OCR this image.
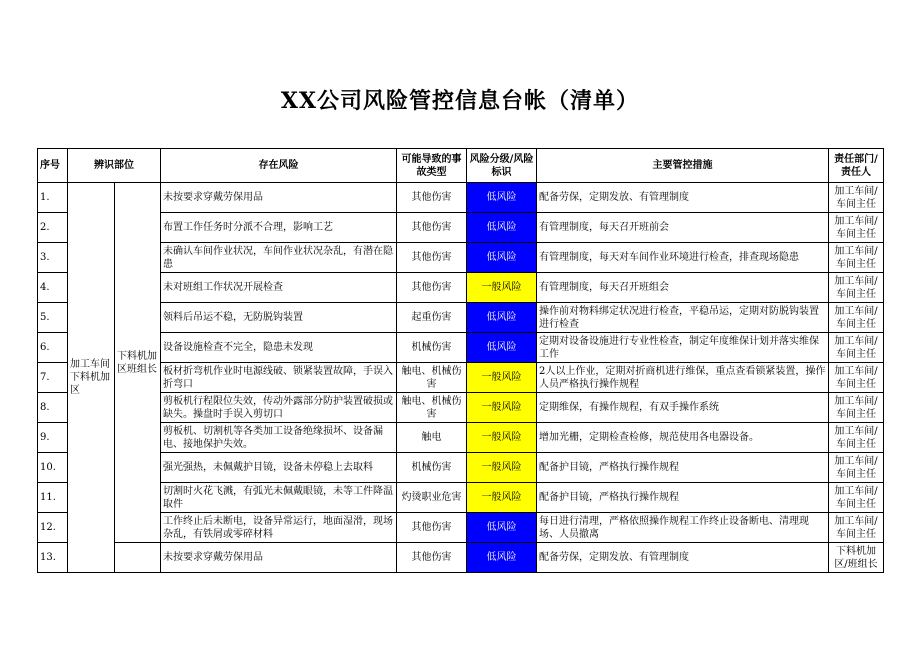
XX公司风险管控信息台帐（清单）
序号	辨识部位		存在风险	可能导致的事故类型	风险分级/风险标识	主要管控措施	责任部门/责任人
1.	加工车间下料机加区	下料机加区班组长	未按要求穿戴劳保用品	其他伤害	低风险	配备劳保，定期发放、有管理制度	加工车间/车间主任
2.			布置工作任务时分派不合理，影响工艺	其他伤害	低风险	有管理制度，每天召开班前会	加工车间/车间主任
3.			未确认车间作业状况，车间作业状况杂乱，有潜在隐患	其他伤害	低风险	有管理制度，每天对车间作业环境进行检查，排查现场隐患	加工车间/车间主任
4.			未对班组工作状况开展检查	其他伤害	一般风险	有管理制度，每天召开班组会	加工车间/车间主任
5.			领料后吊运不稳，无防脱钩装置	起重伤害	低风险	操作前对物料绑定状况进行检查，平稳吊运，定期对防脱钩装置进行检查	加工车间/车间主任
6.			设备设施检查不完全，隐患未发现	机械伤害	低风险	定期对设备设施进行专业性检查，制定年度维保计划并落实维保工作	加工车间/车间主任
7.			板材折弯机作业时电源线破、锁紧装置故障，手误入折弯口	触电、机械伤害	一般风险	2人以上作业，定期对折商机进行维保，重点查看锁紧装置，操作人员严格执行操作规程	加工车间/车间主任
8.			剪板机行程限位失效，传动外露部分防护装置破损或缺失。操盘时手误入剪切口	触电、机械伤害	一般风险	定期维保，有操作规程，有双手操作系统	加工车间/车间主任
9.			剪板机、切割机等各类加工设备绝缘损坏、设备漏电、接地保护失效。	触电	一般风险	增加光栅，定期检查检修，规范使用各电器设备。	加工车间/车间主任
10.			强光强热，未佩戴护目镜，设备未停稳上去取料	机械伤害	一般风险	配备护目镜，严格执行操作规程	加工车间/车间主任
11.			切割时火花飞溅，有弧光未佩戴眼镜，未等工件降温取件	灼烫职业危害	一般风险	配备护目镜，严格执行操作规程	加工车间/车间主任
12.			工作终止后未断电，设备异常运行，地面湿滑，现场杂乱，有铁屑或零碎材料	其他伤害	低风险	每日进行清理，严格依照操作规程工作终止设备断电、清理现场、人员撤离	加工车间/车间主任
13.			未按要求穿戴劳保用品	其他伤害	低风险	配备劳保，定期发放、有管理制度	下料机加区/班组长
